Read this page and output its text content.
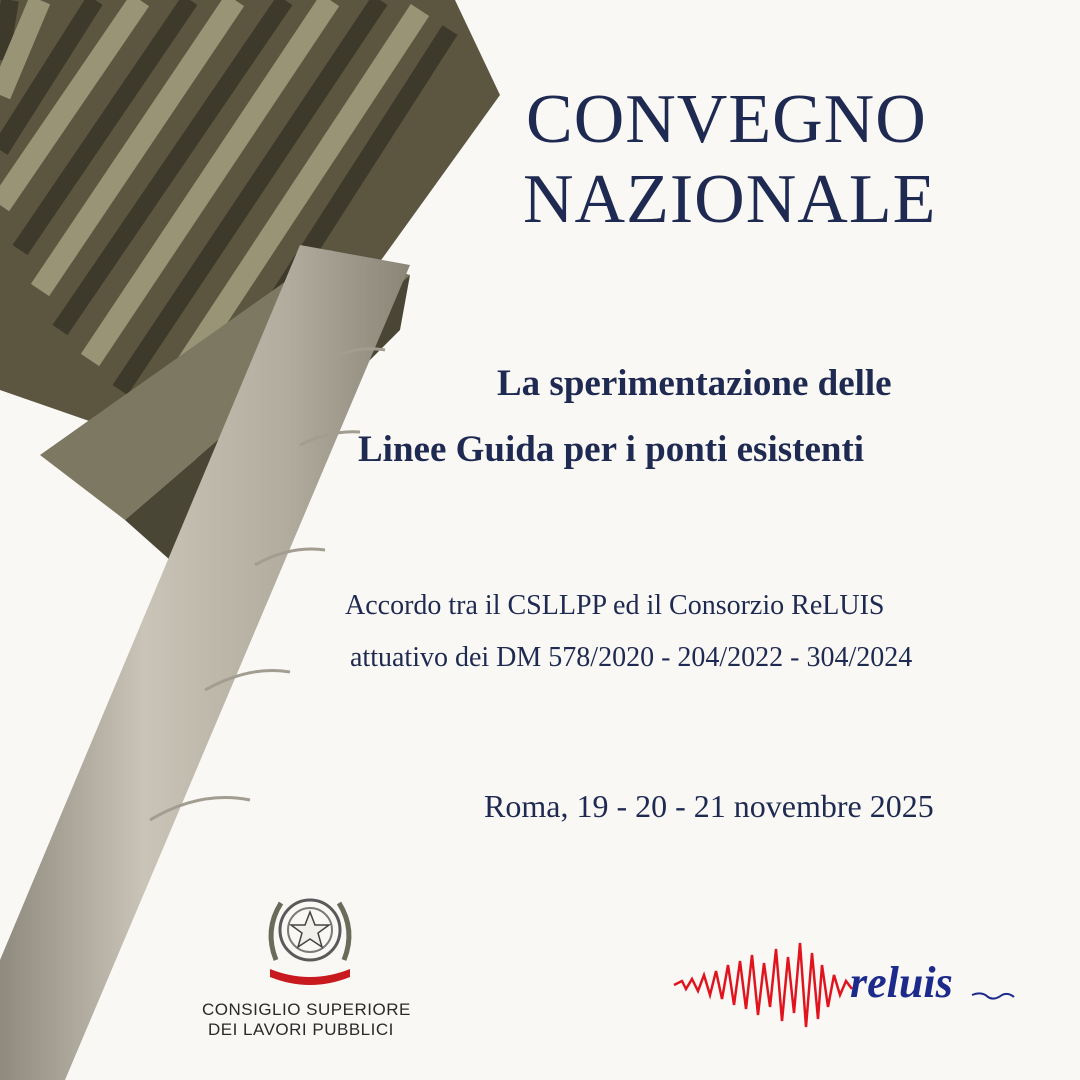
CONVEGNO
NAZIONALE
La sperimentazione delle
Linee Guida per i ponti esistenti
Accordo tra il CSLLPP ed il Consorzio ReLUIS
attuativo dei DM 578/2020 - 204/2022 - 304/2024
Roma, 19 - 20 - 21 novembre 2025
CONSIGLIO SUPERIORE
DEI LAVORI PUBBLICI
reluis
